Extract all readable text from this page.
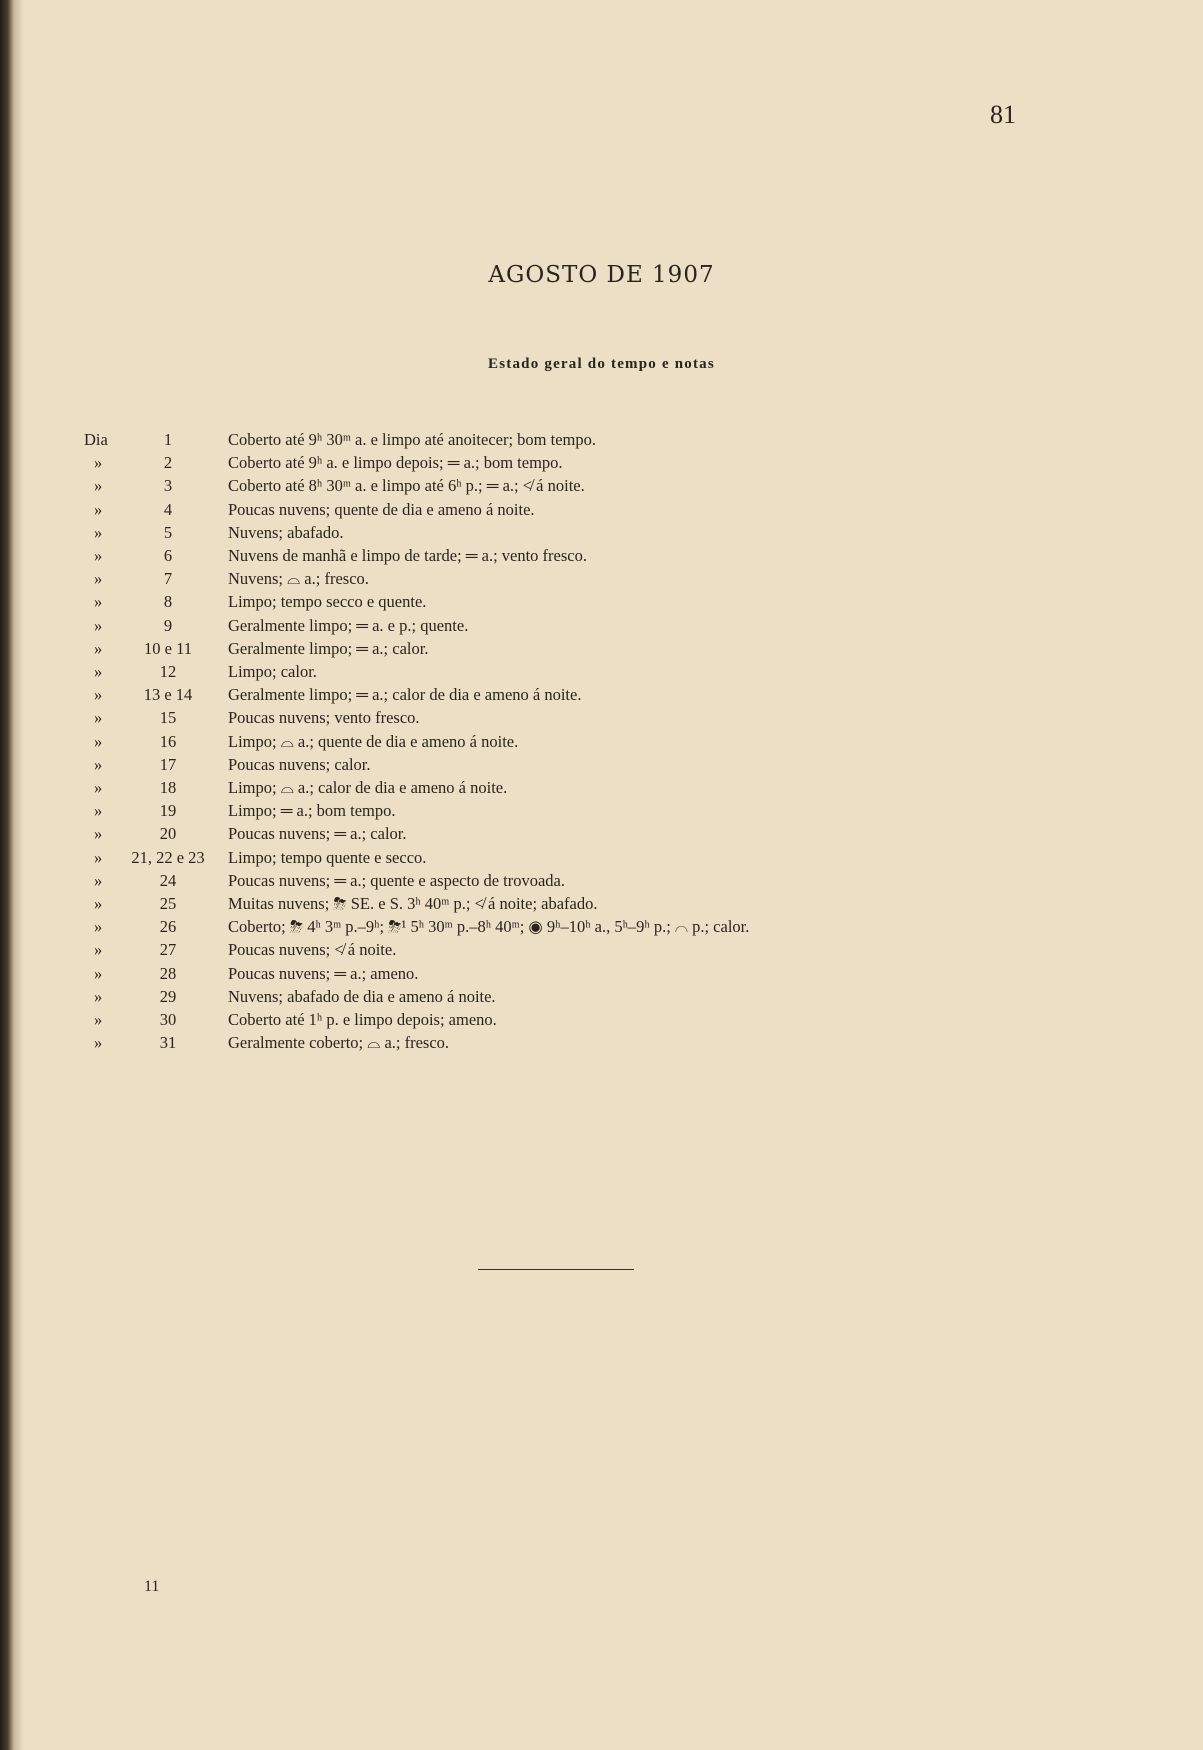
81
AGOSTO DE 1907
Estado geral do tempo e notas
Dia	1	Coberto até 9ʰ 30ᵐ a. e limpo até anoitecer; bom tempo.
»	2	Coberto até 9ʰ a. e limpo depois; ═ a.; bom tempo.
»	3	Coberto até 8ʰ 30ᵐ a. e limpo até 6ʰ p.; ═ a.; ≮ á noite.
»	4	Poucas nuvens; quente de dia e ameno á noite.
»	5	Nuvens; abafado.
»	6	Nuvens de manhã e limpo de tarde; ═ a.; vento fresco.
»	7	Nuvens; ⌓ a.; fresco.
»	8	Limpo; tempo secco e quente.
»	9	Geralmente limpo; ═ a. e p.; quente.
»	10 e 11	Geralmente limpo; ═ a.; calor.
»	12	Limpo; calor.
»	13 e 14	Geralmente limpo; ═ a.; calor de dia e ameno á noite.
»	15	Poucas nuvens; vento fresco.
»	16	Limpo; ⌓ a.; quente de dia e ameno á noite.
»	17	Poucas nuvens; calor.
»	18	Limpo; ⌓ a.; calor de dia e ameno á noite.
»	19	Limpo; ═ a.; bom tempo.
»	20	Poucas nuvens; ═ a.; calor.
»	21, 22 e 23	Limpo; tempo quente e secco.
»	24	Poucas nuvens; ═ a.; quente e aspecto de trovoada.
»	25	Muitas nuvens; ⛈ SE. e S. 3ʰ 40ᵐ p.; ≮ á noite; abafado.
»	26	Coberto; ⛈ 4ʰ 3ᵐ p.–9ʰ; ⛈¹ 5ʰ 30ᵐ p.–8ʰ 40ᵐ; ◉ 9ʰ–10ʰ a., 5ʰ–9ʰ p.; ⌒ p.; calor.
»	27	Poucas nuvens; ≮ á noite.
»	28	Poucas nuvens; ═ a.; ameno.
»	29	Nuvens; abafado de dia e ameno á noite.
»	30	Coberto até 1ʰ p. e limpo depois; ameno.
»	31	Geralmente coberto; ⌓ a.; fresco.
11
